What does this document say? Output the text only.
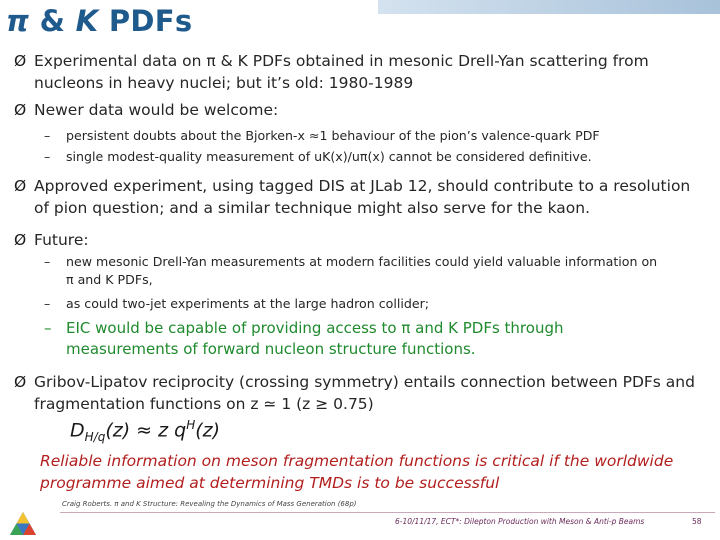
π & K PDFs
Ø Experimental data on π & K PDFs obtained in mesonic Drell-Yan scattering from nucleons in heavy nuclei; but it’s old: 1980-1989
Ø Newer data would be welcome:
–	persistent doubts about the Bjorken-x ≈1 behaviour of the pion’s valence-quark PDF
–	single modest-quality measurement of uK(x)/uπ(x) cannot be considered definitive.
Ø Approved experiment, using tagged DIS at JLab 12, should contribute to a resolution of pion question; and a similar technique might also serve for the kaon.
Ø Future:
–	new mesonic Drell-Yan measurements at modern facilities could yield valuable information on π and K PDFs,
–	as could two-jet experiments at the large hadron collider;
– EIC would be capable of providing access to π and K PDFs through measurements of forward nucleon structure functions.
Ø Gribov-Lipatov reciprocity (crossing symmetry) entails connection between PDFs and fragmentation functions on z ≃ 1 (z ≥ 0.75)
$D_{H/q}(z) \approx z$ $q^H(z)$
Reliable information on meson fragmentation functions is critical if the worldwide programme aimed at determining TMDs is to be successful
Craig Roberts. π and K Structure: Revealing the Dynamics of Mass Generation (68p)
6-10/11/17, ECT*: Dilepton Production with Meson & Anti-p Beams	58
